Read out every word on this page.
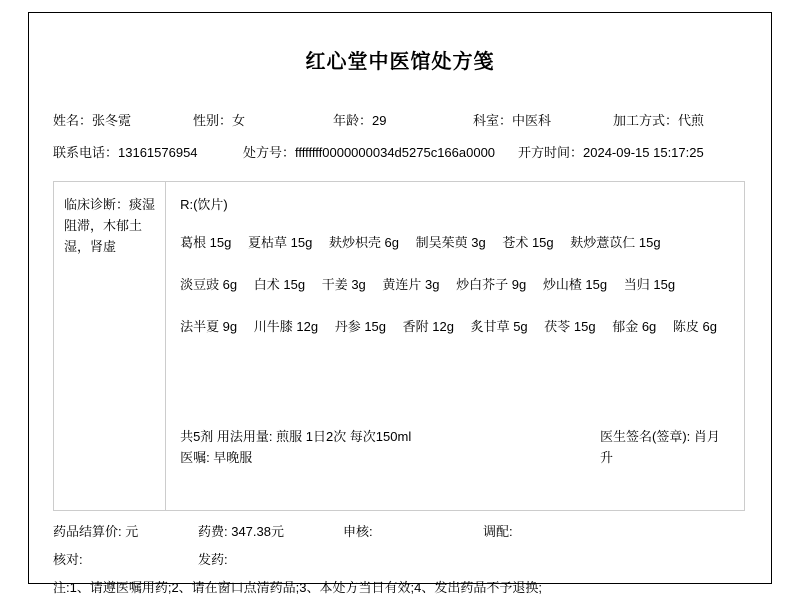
红心堂中医馆处方笺
姓名：张冬霓	性别：女	年龄：29	科室：中医科	加工方式：代煎
联系电话：13161576954	处方号：ffffffff0000000034d5275c166a0000	开方时间：2024-09-15 15:17:25
临床诊断：痰湿阻滞，木郁土湿，肾虚
R:(饮片)
葛根 15g 夏枯草 15g 麸炒枳壳 6g 制吴茱萸 3g 苍术 15g 麸炒薏苡仁 15g
淡豆豉 6g 白术 15g 干姜 3g 黄连片 3g 炒白芥子 9g 炒山楂 15g 当归 15g
法半夏 9g 川牛膝 12g 丹参 15g 香附 12g 炙甘草 5g 茯苓 15g 郁金 6g 陈皮 6g
共5剂 用法用量: 煎服 1日2次 每次150ml
医嘱: 早晚服
医生签名(签章): 肖月升
药品结算价: 元	药费: 347.38元	申核:	调配:
核对:	发药:
注:1、请遵医嘱用药;2、请在窗口点清药品;3、本处方当日有效;4、发出药品不予退换;
